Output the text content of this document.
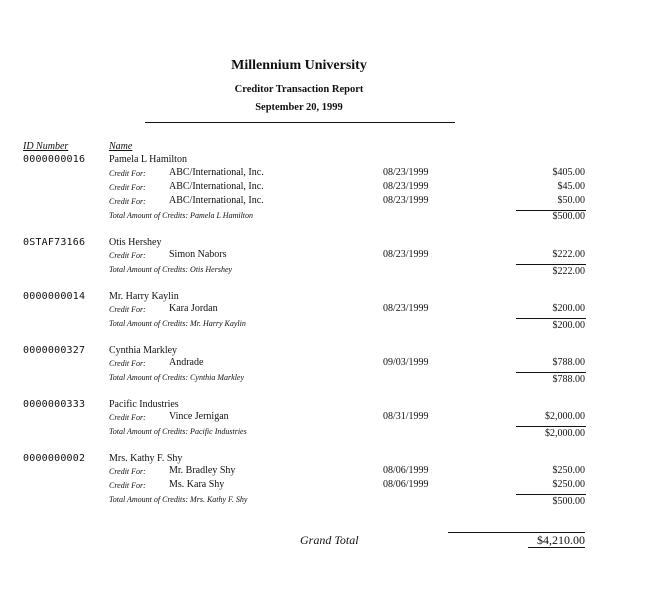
Millennium University
Creditor Transaction Report
September 20, 1999
ID Number	Name
0000000016 Pamela L Hamilton
Credit For: ABC/International, Inc.	08/23/1999	$405.00
Credit For: ABC/International, Inc.	08/23/1999	$45.00
Credit For: ABC/International, Inc.	08/23/1999	$50.00
Total Amount of Credits: Pamela L Hamilton	$500.00
0STAF73166 Otis Hershey
Credit For: Simon Nabors	08/23/1999	$222.00
Total Amount of Credits: Otis Hershey	$222.00
0000000014 Mr. Harry Kaylin
Credit For: Kara Jordan	08/23/1999	$200.00
Total Amount of Credits: Mr. Harry Kaylin	$200.00
0000000327 Cynthia Markley
Credit For: Andrade	09/03/1999	$788.00
Total Amount of Credits: Cynthia Markley	$788.00
0000000333 Pacific Industries
Credit For: Vince Jernigan	08/31/1999	$2,000.00
Total Amount of Credits: Pacific Industries	$2,000.00
0000000002 Mrs. Kathy F. Shy
Credit For: Mr. Bradley Shy	08/06/1999	$250.00
Credit For: Ms. Kara Shy	08/06/1999	$250.00
Total Amount of Credits: Mrs. Kathy F. Shy	$500.00
Grand Total	$4,210.00
